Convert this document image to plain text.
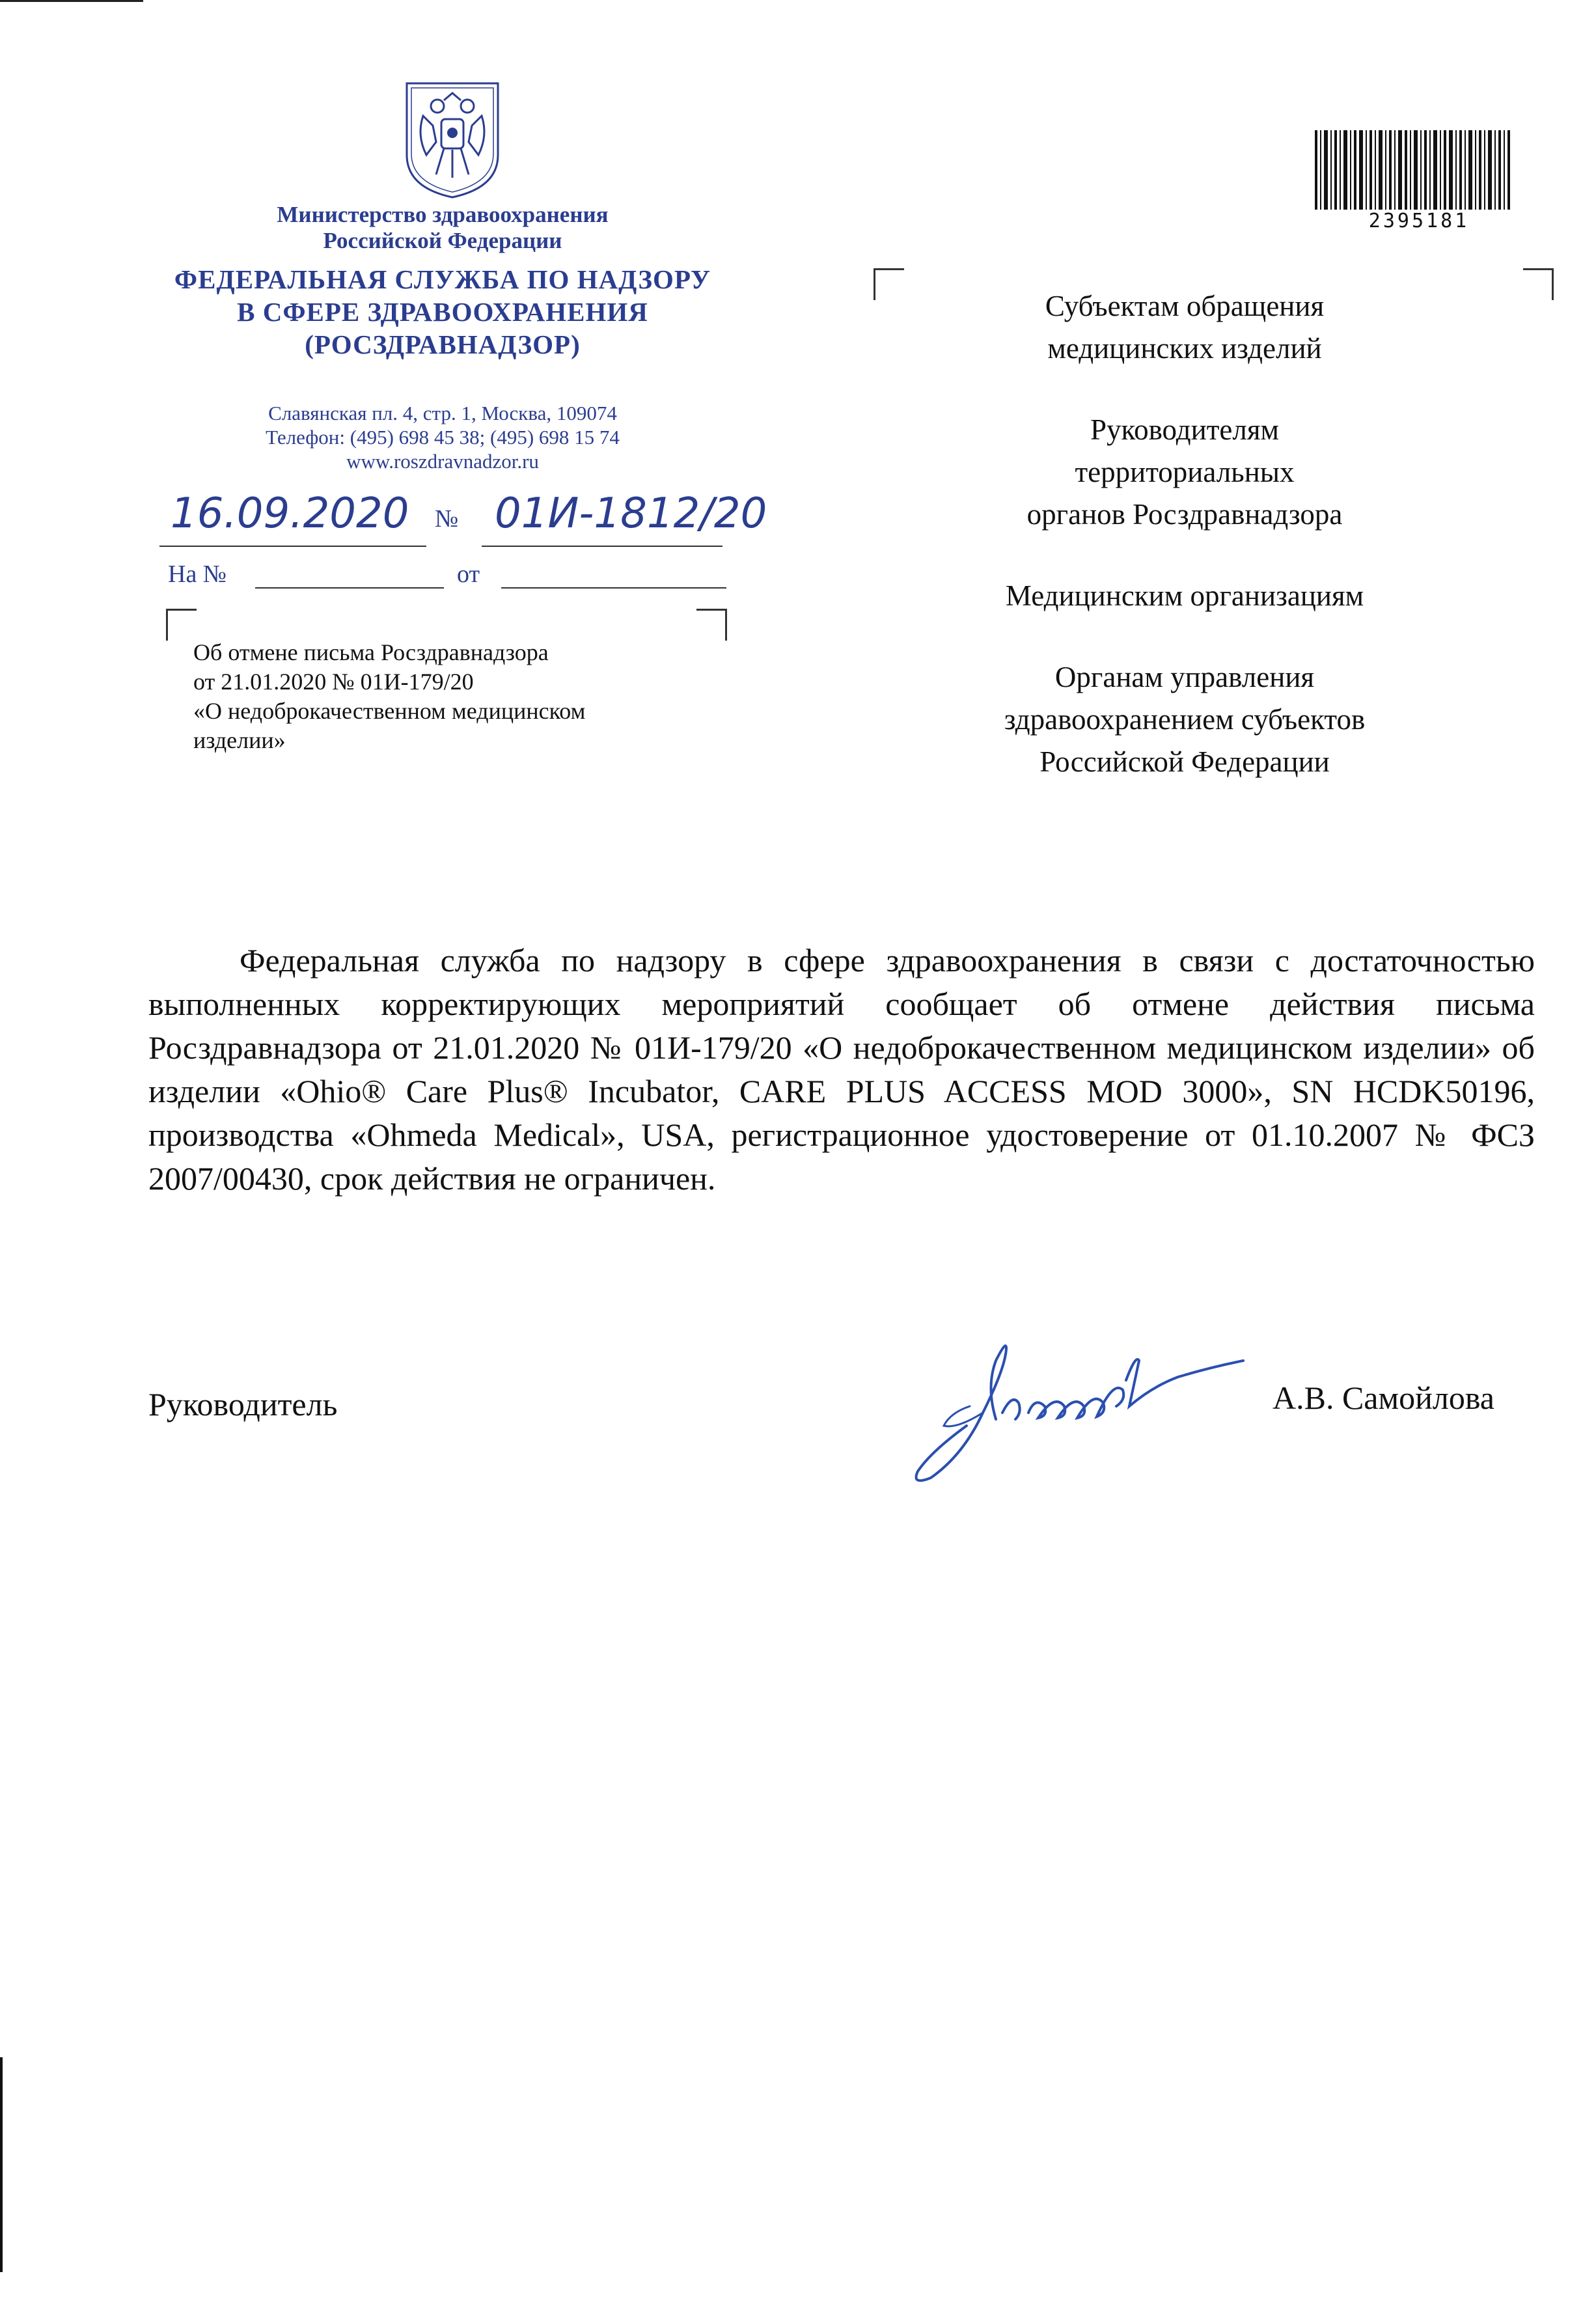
Министерство здравоохранения
Российской Федерации
ФЕДЕРАЛЬНАЯ СЛУЖБА ПО НАДЗОРУ
В СФЕРЕ ЗДРАВООХРАНЕНИЯ
(РОСЗДРАВНАДЗОР)
Славянская пл. 4, стр. 1, Москва, 109074
Телефон: (495) 698 45 38; (495) 698 15 74
www.roszdravnadzor.ru
16.09.2020	№ 01И-1812/20
На №	от
Об отмене письма Росздравнадзора
от 21.01.2020 № 01И-179/20
«О недоброкачественном медицинском
изделии»
2395181

Субъектам обращения
медицинских изделий

Руководителям
территориальных
органов Росздравнадзора

Медицинским организациям

Органам управления
здравоохранением субъектов
Российской Федерации

Федеральная служба по надзору в сфере здравоохранения в связи с достаточностью выполненных корректирующих мероприятий сообщает об отмене действия письма Росздравнадзора от 21.01.2020 № 01И-179/20 «О недоброкачественном медицинском изделии» об изделии «Ohio® Care Plus® Incubator, CARE PLUS ACCESS MOD 3000», SN HCDK50196, производства «Ohmeda Medical», USA, регистрационное удостоверение от 01.10.2007 № ФСЗ 2007/00430, срок действия не ограничен.

Руководитель	А.В. Самойлова
